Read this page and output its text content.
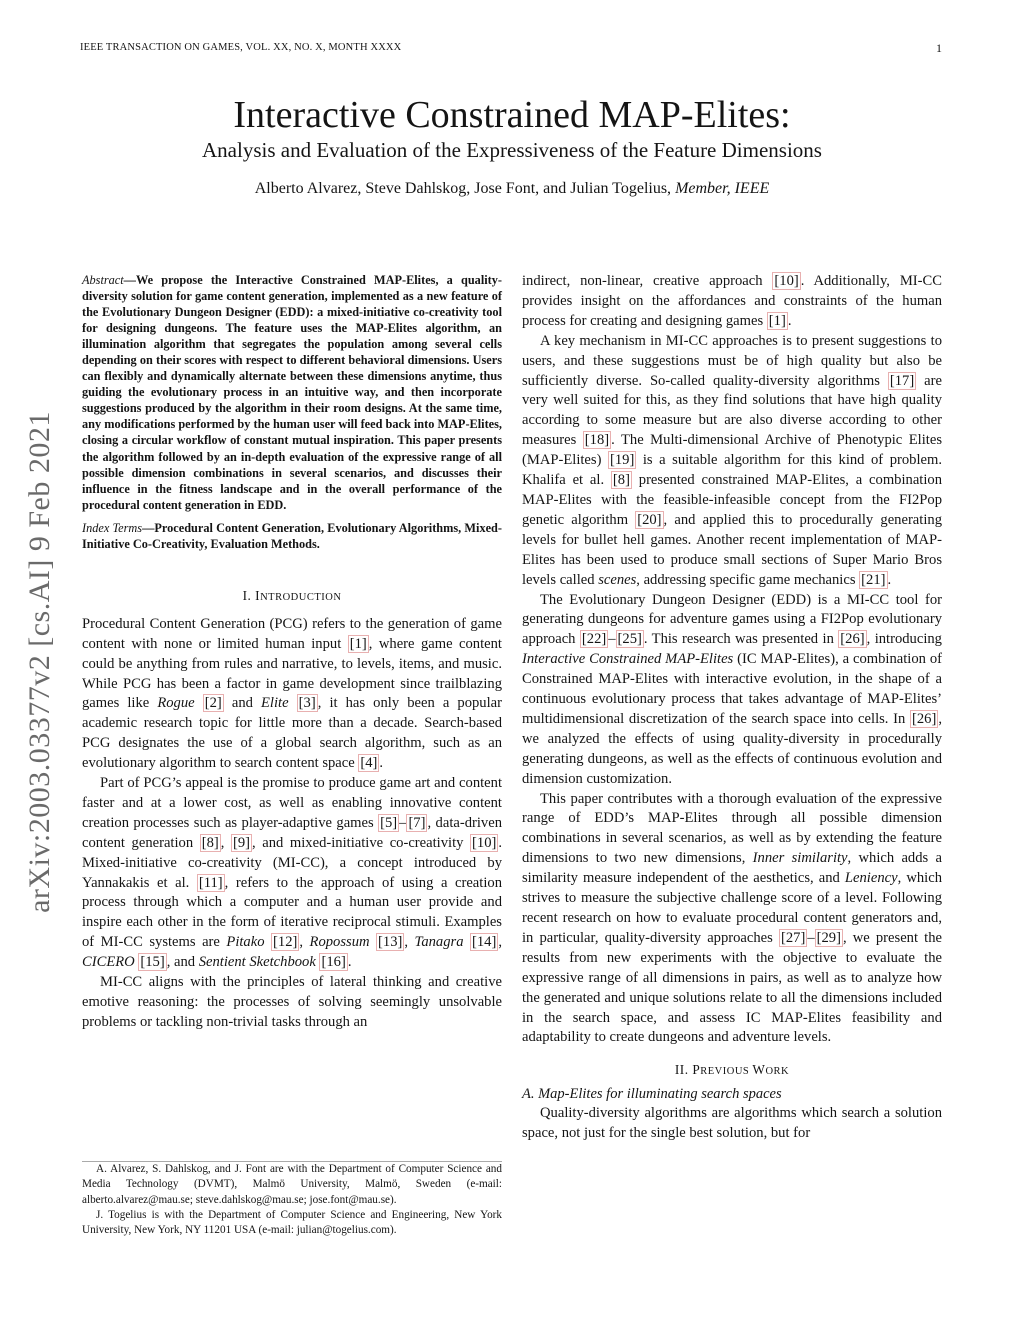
IEEE TRANSACTION ON GAMES, VOL. XX, NO. X, MONTH XXXX	1
Interactive Constrained MAP-Elites:
Analysis and Evaluation of the Expressiveness of the Feature Dimensions
Alberto Alvarez, Steve Dahlskog, Jose Font, and Julian Togelius, Member, IEEE
arXiv:2003.03377v2 [cs.AI] 9 Feb 2021

Abstract—We propose the Interactive Constrained MAP-Elites, a quality-diversity solution for game content generation, implemented as a new feature of the Evolutionary Dungeon Designer (EDD): a mixed-initiative co-creativity tool for designing dungeons. The feature uses the MAP-Elites algorithm, an illumination algorithm that segregates the population among several cells depending on their scores with respect to different behavioral dimensions. Users can flexibly and dynamically alternate between these dimensions anytime, thus guiding the evolutionary process in an intuitive way, and then incorporate suggestions produced by the algorithm in their room designs. At the same time, any modifications performed by the human user will feed back into MAP-Elites, closing a circular workflow of constant mutual inspiration. This paper presents the algorithm followed by an in-depth evaluation of the expressive range of all possible dimension combinations in several scenarios, and discusses their influence in the fitness landscape and in the overall performance of the procedural content generation in EDD.

Index Terms—Procedural Content Generation, Evolutionary Algorithms, Mixed-Initiative Co-Creativity, Evaluation Methods.

I. INTRODUCTION

Procedural Content Generation (PCG) refers to the generation of game content with none or limited human input [1] , where game content could be anything from rules and narrative, to levels, items, and music. While PCG has been a factor in game development since trailblazing games like Rogue [2] and Elite [3] , it has only been a popular academic research topic for little more than a decade. Search-based PCG designates the use of a global search algorithm, such as an evolutionary algorithm to search content space [4] .

Part of PCG’s appeal is the promise to produce game art and content faster and at a lower cost, as well as enabling innovative content creation processes such as player-adaptive games [5] – [7] , data-driven content generation [8] , [9] , and mixed-initiative co-creativity [10] . Mixed-initiative co-creativity (MI-CC), a concept introduced by Yannakakis et al. [11] , refers to the approach of using a creation process through which a computer and a human user provide and inspire each other in the form of iterative reciprocal stimuli. Examples of MI-CC systems are Pitako [12] , Ropossum [13] , Tanagra [14] , CICERO [15] , and Sentient Sketchbook [16] .

MI-CC aligns with the principles of lateral thinking and creative emotive reasoning: the processes of solving seemingly unsolvable problems or tackling non-trivial tasks through an

indirect, non-linear, creative approach [10] . Additionally, MI-CC provides insight on the affordances and constraints of the human process for creating and designing games [1] .

A key mechanism in MI-CC approaches is to present suggestions to users, and these suggestions must be of high quality but also be sufficiently diverse. So-called quality-diversity algorithms [17] are very well suited for this, as they find solutions that have high quality according to some measure but are also diverse according to other measures [18] . The Multi-dimensional Archive of Phenotypic Elites (MAP-Elites) [19] is a suitable algorithm for this kind of problem. Khalifa et al. [8] presented constrained MAP-Elites, a combination MAP-Elites with the feasible-infeasible concept from the FI2Pop genetic algorithm [20] , and applied this to procedurally generating levels for bullet hell games. Another recent implementation of MAP-Elites has been used to produce small sections of Super Mario Bros levels called scenes, addressing specific game mechanics [21] .

The Evolutionary Dungeon Designer (EDD) is a MI-CC tool for generating dungeons for adventure games using a FI2Pop evolutionary approach [22] – [25] . This research was presented in [26] , introducing Interactive Constrained MAP-Elites (IC MAP-Elites), a combination of Constrained MAP-Elites with interactive evolution, in the shape of a continuous evolutionary process that takes advantage of MAP-Elites’ multidimensional discretization of the search space into cells. In [26] , we analyzed the effects of using quality-diversity in procedurally generating dungeons, as well as the effects of continuous evolution and dimension customization.

This paper contributes with a thorough evaluation of the expressive range of EDD’s MAP-Elites through all possible dimension combinations in several scenarios, as well as by extending the feature dimensions to two new dimensions, Inner similarity, which adds a similarity measure independent of the aesthetics, and Leniency, which strives to measure the subjective challenge score of a level. Following recent research on how to evaluate procedural content generators and, in particular, quality-diversity approaches [27] – [29] , we present the results from new experiments with the objective to evaluate the expressive range of all dimensions in pairs, as well as to analyze how the generated and unique solutions relate to all the dimensions included in the search space, and assess IC MAP-Elites feasibility and adaptability to create dungeons and adventure levels.

II. PREVIOUS WORK

A. Map-Elites for illuminating search spaces

Quality-diversity algorithms are algorithms which search a solution space, not just for the single best solution, but for

A. Alvarez, S. Dahlskog, and J. Font are with the Department of Computer Science and Media Technology (DVMT), Malmö University, Malmö, Sweden (e-mail: alberto.alvarez@mau.se; steve.dahlskog@mau.se; jose.font@mau.se).

J. Togelius is with the Department of Computer Science and Engineering, New York University, New York, NY 11201 USA (e-mail: julian@togelius.com).
